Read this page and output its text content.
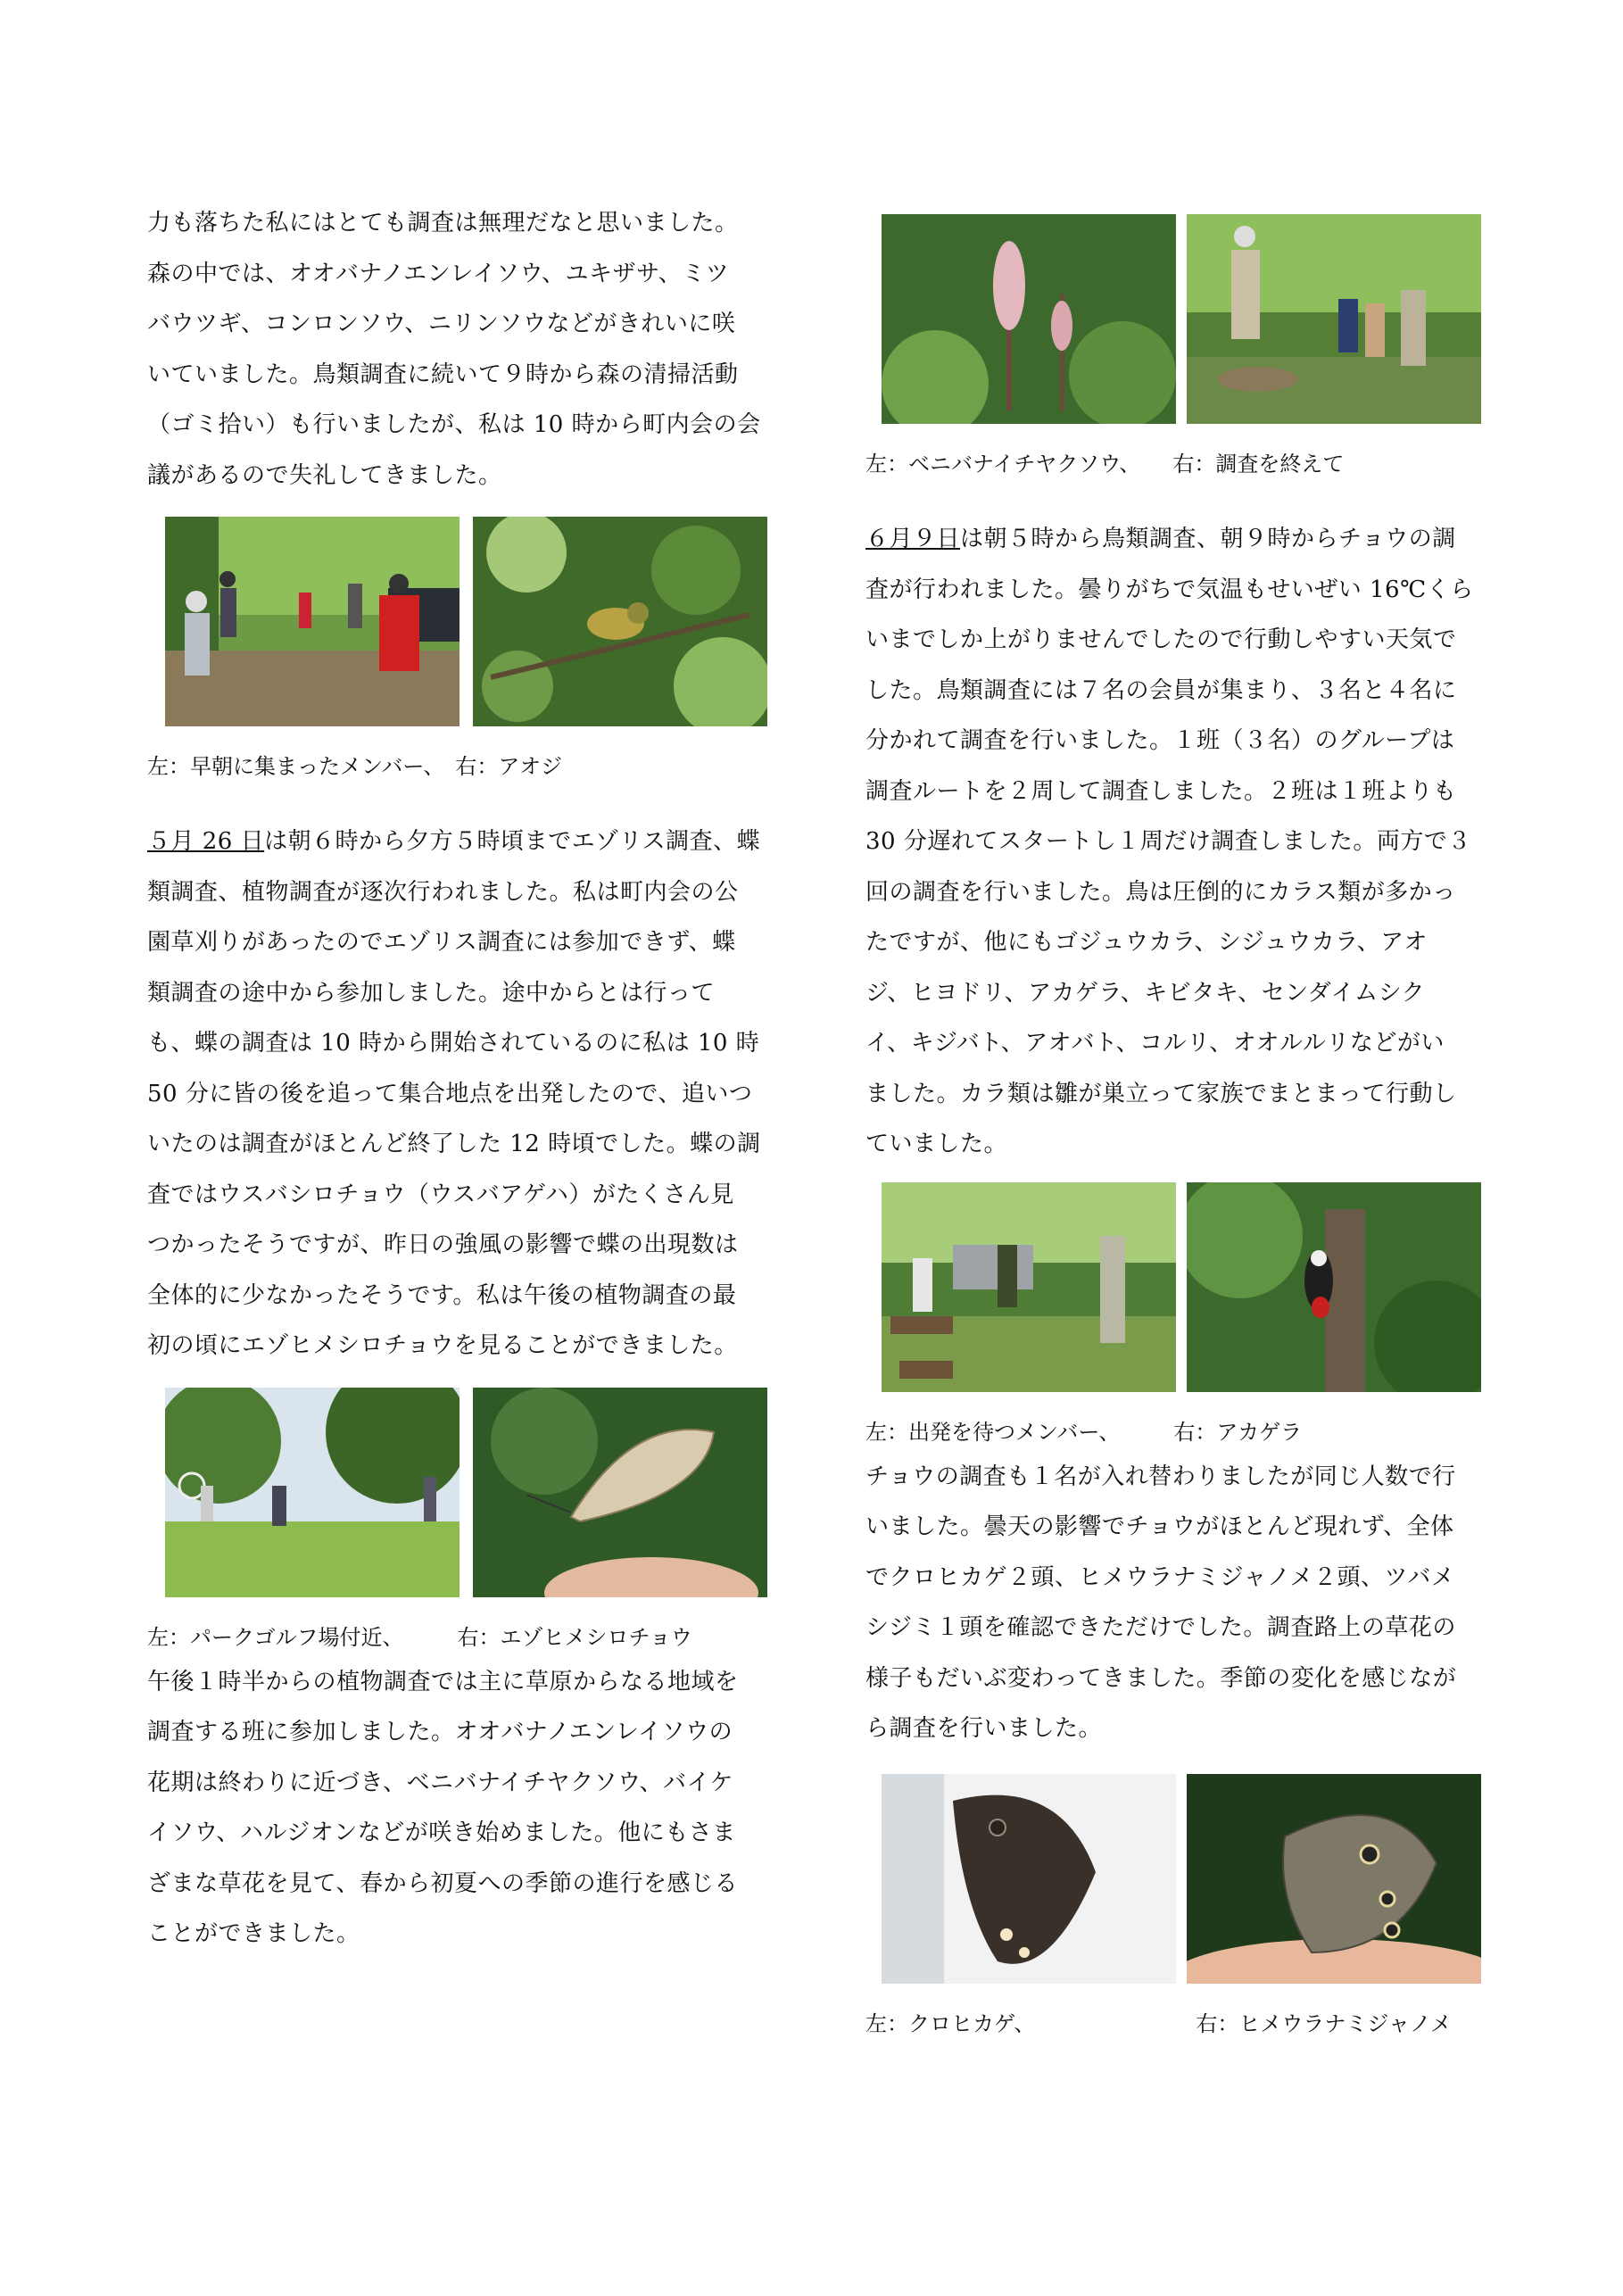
力も落ちた私にはとても調査は無理だなと思いました。
森の中では、オオバナノエンレイソウ、ユキザサ、ミツ
バウツギ、コンロンソウ、ニリンソウなどがきれいに咲
いていました。鳥類調査に続いて９時から森の清掃活動
（ゴミ拾い）も行いましたが、私は 10 時から町内会の会
議があるので失礼してきました。

左：早朝に集まったメンバー、　右：アオジ

５月 26 日は朝６時から夕方５時頃までエゾリス調査、蝶
類調査、植物調査が逐次行われました。私は町内会の公
園草刈りがあったのでエゾリス調査には参加できず、蝶
類調査の途中から参加しました。途中からとは行って
も、蝶の調査は 10 時から開始されているのに私は 10 時
50 分に皆の後を追って集合地点を出発したので、追いつ
いたのは調査がほとんど終了した 12 時頃でした。蝶の調
査ではウスバシロチョウ（ウスバアゲハ）がたくさん見
つかったそうですが、昨日の強風の影響で蝶の出現数は
全体的に少なかったそうです。私は午後の植物調査の最
初の頃にエゾヒメシロチョウを見ることができました。

左：パークゴルフ場付近、　　　右：エゾヒメシロチョウ

午後１時半からの植物調査では主に草原からなる地域を
調査する班に参加しました。オオバナノエンレイソウの
花期は終わりに近づき、ベニバナイチヤクソウ、バイケ
イソウ、ハルジオンなどが咲き始めました。他にもさま
ざまな草花を見て、春から初夏への季節の進行を感じる
ことができました。

左：ベニバナイチヤクソウ、　　右：調査を終えて

６月９日は朝５時から鳥類調査、朝９時からチョウの調
査が行われました。曇りがちで気温もせいぜい 16℃くら
いまでしか上がりませんでしたので行動しやすい天気で
した。鳥類調査には７名の会員が集まり、３名と４名に
分かれて調査を行いました。１班（３名）のグループは
調査ルートを２周して調査しました。２班は１班よりも
30 分遅れてスタートし１周だけ調査しました。両方で３
回の調査を行いました。鳥は圧倒的にカラス類が多かっ
たですが、他にもゴジュウカラ、シジュウカラ、アオ
ジ、ヒヨドリ、アカゲラ、キビタキ、センダイムシク
イ、キジバト、アオバト、コルリ、オオルルリなどがい
ました。カラ類は雛が巣立って家族でまとまって行動し
ていました。

左：出発を待つメンバー、　　　右：アカゲラ

チョウの調査も１名が入れ替わりましたが同じ人数で行
いました。曇天の影響でチョウがほとんど現れず、全体
でクロヒカゲ２頭、ヒメウラナミジャノメ２頭、ツバメ
シジミ１頭を確認できただけでした。調査路上の草花の
様子もだいぶ変わってきました。季節の変化を感じなが
ら調査を行いました。

左：クロヒカゲ、　　　　　　　　右：ヒメウラナミジャノメ
